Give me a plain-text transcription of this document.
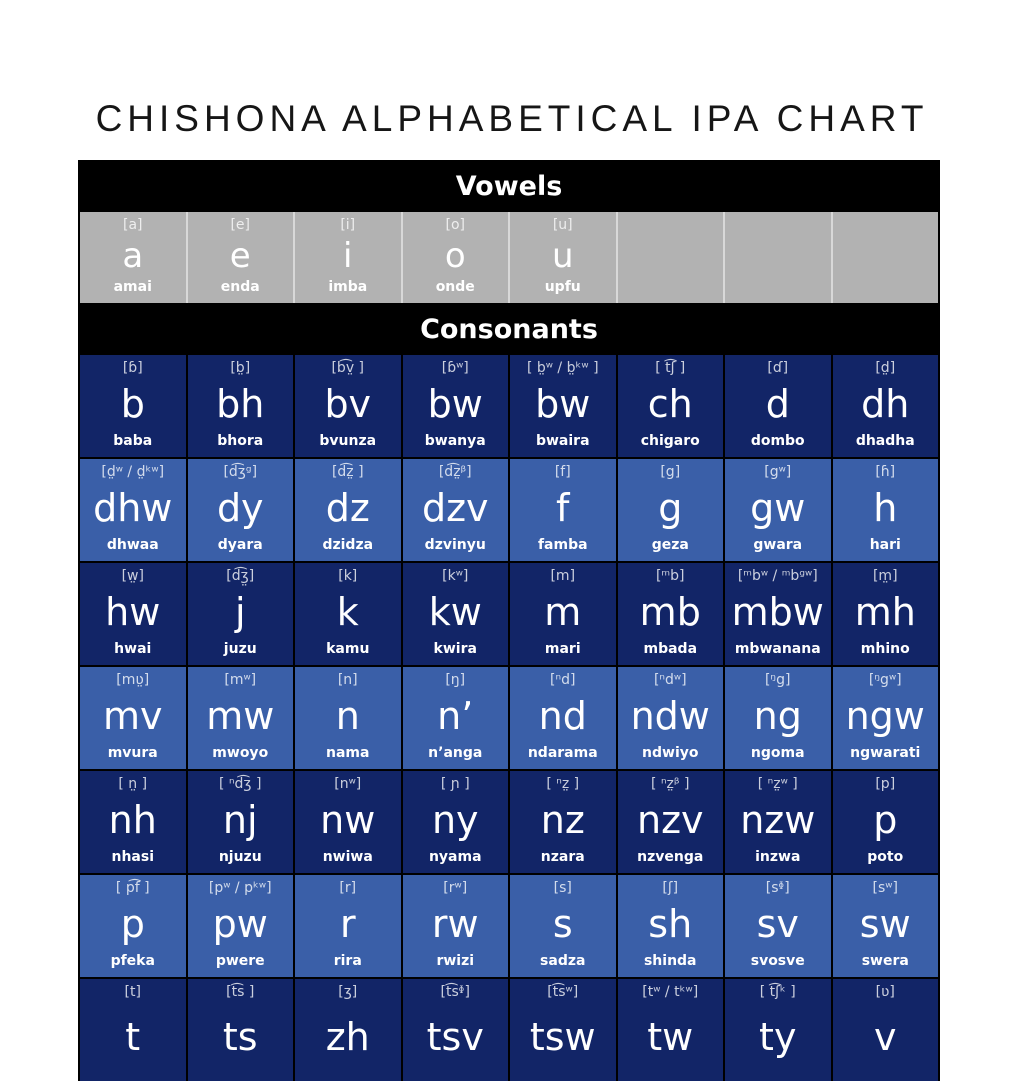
CHISHONA ALPHABETICAL IPA CHART
Vowels
[a]
a
amai
[e]
e
enda
[i]
i
imba
[o]
o
onde
[u]
u
upfu
Consonants
[ɓ]
b
baba
[b̤]
bh
bhora
[b͡v̤ ]
bv
bvunza
[ɓʷ]
bw
bwanya
[ b̤ʷ / b̤ᵏʷ ]
bw
bwaira
[ t͡ʃ ]
ch
chigaro
[ɗ]
d
dombo
[d̤]
dh
dhadha
[d̤ʷ / d̤ᵏʷ]
dhw
dhwaa
[d͡ʒᵍ]
dy
dyara
[d͡z̤ ]
dz
dzidza
[d͡z̤ᵝ]
dzv
dzvinyu
[f]
f
famba
[g]
g
geza
[gʷ]
gw
gwara
[ɦ]
h
hari
[w̤]
hw
hwai
[d͡ʒ̤]
j
juzu
[k]
k
kamu
[kʷ]
kw
kwira
[m]
m
mari
[ᵐb]
mb
mbada
[ᵐbʷ / ᵐbᵍʷ]
mbw
mbwanana
[m̤]
mh
mhino
[mʋ̤]
mv
mvura
[mʷ]
mw
mwoyo
[n]
n
nama
[ŋ]
n’
n’anga
[ⁿd]
nd
ndarama
[ⁿdʷ]
ndw
ndwiyo
[ᵑg]
ng
ngoma
[ᵑgʷ]
ngw
ngwarati
[ n̤ ]
nh
nhasi
[ ⁿd͡ʒ ]
nj
njuzu
[nʷ]
nw
nwiwa
[ ɲ ]
ny
nyama
[ ⁿz̤ ]
nz
nzara
[ ⁿz̤ᵝ ]
nzv
nzvenga
[ ⁿz̤ʷ ]
nzw
inzwa
[p]
p
poto
[ p͡f ]
p
pfeka
[pʷ / pᵏʷ]
pw
pwere
[r]
r
rira
[rʷ]
rw
rwizi
[s]
s
sadza
[ʃ]
sh
shinda
[sᶲ]
sv
svosve
[sʷ]
sw
swera
[t]
t
[t͡s ]
ts
[ʒ]
zh
[t͡sᶲ]
tsv
[t͡sʷ]
tsw
[tʷ / tᵏʷ]
tw
[ t͡ʃᵏ ]
ty
[ʋ]
v
